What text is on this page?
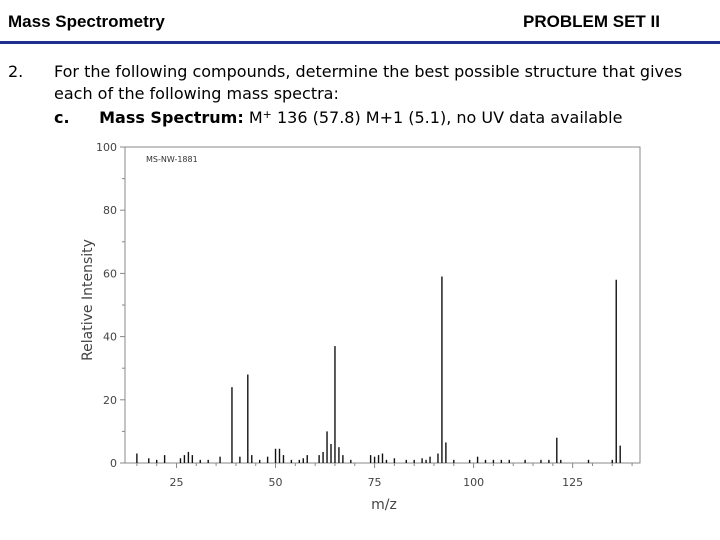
Mass Spectrometry	PROBLEM SET II
2. For the following compounds, determine the best possible structure that gives
each of the following mass spectra:
c. Mass Spectrum: M+ 136 (57.8) M+1 (5.1), no UV data available
0
20
40
60
80
100
25	50	75	100	125
MS-NW-1881
Relative Intensity
m/z
